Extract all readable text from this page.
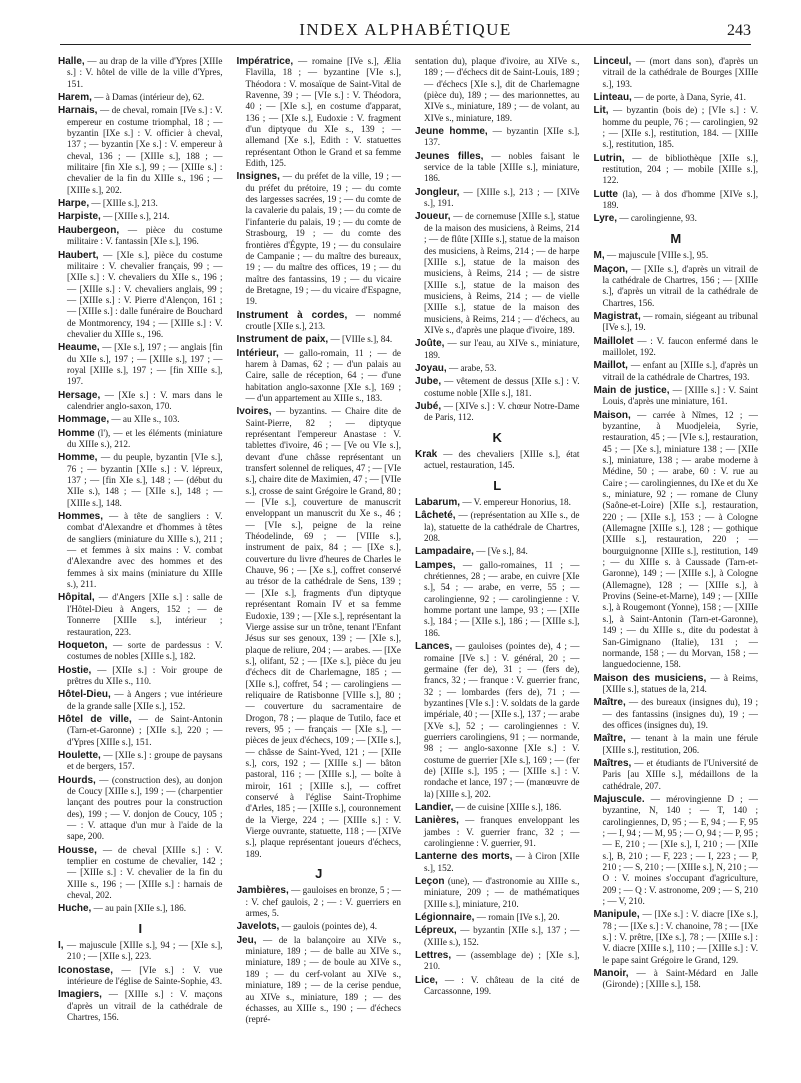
INDEX ALPHABÉTIQUE	243
Halle, — au drap de la ville d'Ypres [XIIIe s.] : V. hôtel de ville de la ville d'Ypres, 151.
Harem, — à Damas (intérieur de), 62.
Harnais, — de cheval, romain [IVe s.] : V. empereur en costume triomphal, 18 ; — byzantin [IXe s.] : V. officier à cheval, 137 ; — byzantin [Xe s.] : V. empereur à cheval, 136 ; — [XIIIe s.], 188 ; — militaire [fin XIe s.], 99 ; — [XIIIe s.] : chevalier de la fin du XIIIe s., 196 ; — [XIIIe s.], 202.
Harpe, — [XIIIe s.], 213.
Harpiste, — [XIIIe s.], 214.
Haubergeon, — pièce du costume militaire : V. fantassin [XIe s.], 196.
Haubert, — [XIe s.], pièce du costume militaire : V. chevalier français, 99 ; — [XIIe s.] : V. chevaliers du XIIe s., 196 ; — [XIIIe s.] : V. chevaliers anglais, 99 ; — [XIIIe s.] : V. Pierre d'Alençon, 161 ; — [XIIIe s.] : dalle funéraire de Bouchard de Montmorency, 194 ; — [XIIIe s.] : V. chevalier du XIIIe s., 196.
Heaume, — [XIe s.], 197 ; — anglais [fin du XIIe s.], 197 ; — [XIIIe s.], 197 ; — royal [XIIIe s.], 197 ; — [fin XIIIe s.], 197.
Hersage, — [XIe s.] : V. mars dans le calendrier anglo-saxon, 170.
Hommage, — au XIIe s., 103.
Homme (l'), — et les éléments (miniature du XIIIe s.), 212.
Homme, — du peuple, byzantin [VIe s.], 76 ; — byzantin [XIIe s.] : V. lépreux, 137 ; — [fin XIe s.], 148 ; — (début du XIIe s.), 148 ; — [XIIe s.], 148 ; — [XIIIe s.], 148.
Hommes, — à tête de sangliers : V. combat d'Alexandre et d'hommes à têtes de sangliers (miniature du XIIIe s.), 211 ; — et femmes à six mains : V. combat d'Alexandre avec des hommes et des femmes à six mains (miniature du XIIIe s.), 211.
Hôpital, — d'Angers [XIIe s.] : salle de l'Hôtel-Dieu à Angers, 152 ; — de Tonnerre [XIIIe s.], intérieur ; restauration, 223.
Hoqueton, — sorte de pardessus : V. costumes de nobles [XIIIe s.], 182.
Hostie, — [XIIe s.] : Voir groupe de prêtres du XIIe s., 110.
Hôtel-Dieu, — à Angers ; vue intérieure de la grande salle [XIIe s.], 152.
Hôtel de ville, — de Saint-Antonin (Tarn-et-Garonne) ; [XIIe s.], 220 ; — d'Ypres [XIIIe s.], 151.
Houlette, — [XIIe s.] : groupe de paysans et de bergers, 157.
Hourds, — (construction des), au donjon de Coucy [XIIIe s.], 199 ; — (charpentier lançant des poutres pour la construction des), 199 ; — V. donjon de Coucy, 105 ; — : V. attaque d'un mur à l'aide de la sape, 200.
Housse, — de cheval [XIIIe s.] : V. templier en costume de chevalier, 142 ; — [XIIIe s.] : V. chevalier de la fin du XIIIe s., 196 ; — [XIIIe s.] : harnais de cheval, 202.
Huche, — au pain [XIIe s.], 186.
I
I, — majuscule [XIIIe s.], 94 ; — [XIe s.], 210 ; — [XIIe s.], 223.
Iconostase, — [VIe s.] : V. vue intérieure de l'église de Sainte-Sophie, 43.
Imagiers, — [XIIIe s.] : V. maçons d'après un vitrail de la cathédrale de Chartres, 156.
Impératrice, — romaine [IVe s.], Ælia Flavilla, 18 ; — byzantine [VIe s.], Théodora : V. mosaïque de Saint-Vital de Ravenne, 39 ; — [VIe s.] : V. Théodora, 40 ; — [XIe s.], en costume d'apparat, 136 ; — [XIe s.], Eudoxie : V. fragment d'un diptyque du XIe s., 139 ; — allemand [Xe s.], Edith : V. statuettes représentant Othon le Grand et sa femme Edith, 125.
Insignes, — du préfet de la ville, 19 ; — du préfet du prétoire, 19 ; — du comte des largesses sacrées, 19 ; — du comte de la cavalerie du palais, 19 ; — du comte de l'infanterie du palais, 19 ; — du comte de Strasbourg, 19 ; — du comte des frontières d'Égypte, 19 ; — du consulaire de Campanie ; — du maître des bureaux, 19 ; — du maître des offices, 19 ; — du maître des fantassins, 19 ; — du vicaire de Bretagne, 19 ; — du vicaire d'Espagne, 19.
Instrument à cordes, — nommé croutle [XIIe s.], 213.
Instrument de paix, — [VIIIe s.], 84.
Intérieur, — gallo-romain, 11 ; — de harem à Damas, 62 ; — d'un palais au Caire, salle de réception, 64 ; — d'une habitation anglo-saxonne [XIe s.], 169 ; — d'un appartement au XIIIe s., 183.
Ivoires, — byzantins. — Chaire dite de Saint-Pierre, 82 ; — diptyque représentant l'empereur Anastase : V. tablettes d'ivoire, 46 ; — [Ve ou VIe s.], devant d'une châsse représentant un transfert solennel de reliques, 47 ; — [VIe s.], chaire dite de Maximien, 47 ; — [VIIe s.], crosse de saint Grégoire le Grand, 80 ; — [VIe s.], couverture de manuscrit enveloppant un manuscrit du Xe s., 46 ; — [VIe s.], peigne de la reine Théodelinde, 69 ; — [VIIIe s.], instrument de paix, 84 ; — [IXe s.], couverture du livre d'heures de Charles le Chauve, 96 ; — [Xe s.], coffret conservé au trésor de la cathédrale de Sens, 139 ; — [XIe s.], fragments d'un diptyque représentant Romain IV et sa femme Eudoxie, 139 ; — [XIe s.], représentant la Vierge assise sur un trône, tenant l'Enfant Jésus sur ses genoux, 139 ; — [XIe s.], plaque de reliure, 204 ; — arabes. — [IXe s.], olifant, 52 ; — [IXe s.], pièce du jeu d'échecs dit de Charlemagne, 185 ; — [XIIe s.], coffret, 54 ; — carolingiens — reliquaire de Ratisbonne [VIIIe s.], 80 ; — couverture du sacramentaire de Drogon, 78 ; — plaque de Tutilo, face et revers, 95 ; — français — [XIe s.], — pièces de jeux d'échecs, 109 ; — [XIIe s.], — châsse de Saint-Yved, 121 ; — [XIIe s.], cors, 192 ; — [XIIIe s.] — bâton pastoral, 116 ; — [XIIIe s.], — boîte à miroir, 161 ; [XIIIe s.], — coffret conservé à l'église Saint-Trophime d'Arles, 185 ; — [XIIIe s.], couronnement de la Vierge, 224 ; — [XIIIe s.] : V. Vierge ouvrante, statuette, 118 ; — [XIVe s.], plaque représentant joueurs d'échecs, 189.
J
Jambières, — gauloises en bronze, 5 ; — : V. chef gaulois, 2 ; — : V. guerriers en armes, 5.
Javelots, — gaulois (pointes de), 4.
Jeu, — de la balançoire au XIVe s., miniature, 189 ; — de balle au XIVe s., miniature, 189 ; — de boule au XIVe s., 189 ; — du cerf-volant au XIVe s., miniature, 189 ; — de la cerise pendue, au XIVe s., miniature, 189 ; — des échasses, au XIIIe s., 190 ; — d'échecs (repré-
sentation du), plaque d'ivoire, au XIVe s., 189 ; — d'échecs dit de Saint-Louis, 189 ; — d'échecs [XIe s.], dit de Charlemagne (pièce du), 189 ; — des marionnettes, au XIVe s., miniature, 189 ; — de volant, au XIVe s., miniature, 189.
Jeune homme, — byzantin [XIIe s.], 137.
Jeunes filles, — nobles faisant le service de la table [XIIIe s.], miniature, 186.
Jongleur, — [XIIIe s.], 213 ; — [XIVe s.], 191.
Joueur, — de cornemuse [XIIIe s.], statue de la maison des musiciens, à Reims, 214 ; — de flûte [XIIIe s.], statue de la maison des musiciens, à Reims, 214 ; — de harpe [XIIIe s.], statue de la maison des musiciens, à Reims, 214 ; — de sistre [XIIIe s.], statue de la maison des musiciens, à Reims, 214 ; — de vielle [XIIIe s.], statue de la maison des musiciens, à Reims, 214 ; — d'échecs, au XIVe s., d'après une plaque d'ivoire, 189.
Joûte, — sur l'eau, au XIVe s., miniature, 189.
Joyau, — arabe, 53.
Jube, — vêtement de dessus [XIIe s.] : V. costume noble [XIIe s.], 181.
Jubé, — [XIVe s.] : V. chœur Notre-Dame de Paris, 112.
K
Krak — des chevaliers [XIIIe s.], état actuel, restauration, 145.
L
Labarum, — V. empereur Honorius, 18.
Lâcheté, — (représentation au XIIe s., de la), statuette de la cathédrale de Chartres, 208.
Lampadaire, — [Ve s.], 84.
Lampes, — gallo-romaines, 11 ; — chrétiennes, 28 ; — arabe, en cuivre [XIe s.], 54 ; — arabe, en verre, 55 ; — carolingienne, 92 ; — carolingienne : V. homme portant une lampe, 93 ; — [XIIe s.], 184 ; — [XIIe s.], 186 ; — [XIIIe s.], 186.
Lances, — gauloises (pointes de), 4 ; — romaine [IVe s.] : V. général, 20 ; — germaine (fer de), 31 ; — (fers de), francs, 32 ; — franque : V. guerrier franc, 32 ; — lombardes (fers de), 71 ; — byzantines [VIe s.] : V. soldats de la garde impériale, 40 ; — [XIIe s.], 137 ; — arabe [XVe s.], 52 ; — carolingiennes : V. guerriers carolingiens, 91 ; — normande, 98 ; — anglo-saxonne [XIe s.] : V. costume de guerrier [XIe s.], 169 ; — (fer de) [XIIIe s.], 195 ; — [XIIIe s.] : V. rondache et lance, 197 ; — (manœuvre de la) [XIIIe s.], 202.
Landier, — de cuisine [XIIIe s.], 186.
Lanières, — franques enveloppant les jambes : V. guerrier franc, 32 ; — carolingienne : V. guerrier, 91.
Lanterne des morts, — à Ciron [XIIe s.], 152.
Leçon (une), — d'astronomie au XIIIe s., miniature, 209 ; — de mathématiques [XIIIe s.], miniature, 210.
Légionnaire, — romain [IVe s.], 20.
Lépreux, — byzantin [XIIe s.], 137 ; — (XIIIe s.), 152.
Lettres, — (assemblage de) ; [XIe s.], 210.
Lice, — : V. château de la cité de Carcassonne, 199.
Linceul, — (mort dans son), d'après un vitrail de la cathédrale de Bourges [XIIIe s.], 193.
Linteau, — de porte, à Dana, Syrie, 41.
Lit, — byzantin (bois de) ; [VIe s.] : V. homme du peuple, 76 ; — carolingien, 92 ; — [XIIe s.], restitution, 184. — [XIIIe s.], restitution, 185.
Lutrin, — de bibliothèque [XIIe s.], restitution, 204 ; — mobile [XIIIe s.], 122.
Lutte (la), — à dos d'homme [XIVe s.], 189.
Lyre, — carolingienne, 93.
M
M, — majuscule [VIIIe s.], 95.
Maçon, — [XIIe s.], d'après un vitrail de la cathédrale de Chartres, 156 ; — [XIIIe s.], d'après un vitrail de la cathédrale de Chartres, 156.
Magistrat, — romain, siégeant au tribunal [IVe s.], 19.
Maillolet — : V. faucon enfermé dans le maillolet, 192.
Maillot, — enfant au [XIIIe s.], d'après un vitrail de la cathédrale de Chartres, 193.
Main de justice, — [XIIIe s.] : V. Saint Louis, d'après une miniature, 161.
Maison, — carrée à Nîmes, 12 ; — byzantine, à Muodjeleia, Syrie, restauration, 45 ; — [VIe s.], restauration, 45 ; — [Xe s.], miniature 138 ; — [XIIe s.], miniature, 138 ; — arabe moderne à Médine, 50 ; — arabe, 60 : V. rue au Caire ; — carolingiennes, du IXe et du Xe s., miniature, 92 ; — romane de Cluny (Saône-et-Loire) [XIIe s.], restauration, 220 ; — [XIIe s.], 153 ; — à Cologne (Allemagne [XIIIe s.], 128 ; — gothique [XIIIe s.], restauration, 220 ; — bourguignonne [XIIIe s.], restitution, 149 ; — du XIIIe s. à Caussade (Tarn-et-Garonne), 149 ; — [XIIIe s.], à Cologne (Allemagne), 128 ; — [XIIIe s.], à Provins (Seine-et-Marne), 149 ; — [XIIIe s.], à Rougemont (Yonne), 158 ; — [XIIIe s.], à Saint-Antonin (Tarn-et-Garonne), 149 ; — du XIIIe s., dite du podestat à San-Gimignano (Italie), 131 ; — normande, 158 ; — du Morvan, 158 ; — languedocienne, 158.
Maison des musiciens, — à Reims, [XIIIe s.], statues de la, 214.
Maître, — des bureaux (insignes du), 19 ; — des fantassins (insignes du), 19 ; — des offices (insignes du), 19.
Maître, — tenant à la main une férule [XIIIe s.], restitution, 206.
Maîtres, — et étudiants de l'Université de Paris [au XIIIe s.], médaillons de la cathédrale, 207.
Majuscule. — mérovingienne D ; — byzantine, N, 140 ; — T, 140 ; carolingiennes, D, 95 ; — E, 94 ; — F, 95 ; — I, 94 ; — M, 95 ; — O, 94 ; — P, 95 ; — E, 210 ; — [XIe s.], I, 210 ; — [XIIe s.], B, 210 ; — F, 223 ; — I, 223 ; — P, 210 ; — S, 210 ; — [XIIIe s.], N, 210 ; — O : V. moines s'occupant d'agriculture, 209 ; — Q : V. astronome, 209 ; — S, 210 ; — V, 210.
Manipule, — [IXe s.] : V. diacre [IXe s.], 78 ; — [IXe s.] : V. chanoine, 78 ; — [IXe s.] : V. prêtre, [IXe s.], 78 ; — [XIIIe s.] : V. diacre [XIIIe s.], 110 ; — [XIIIe s.] : V. le pape saint Grégoire le Grand, 129.
Manoir, — à Saint-Médard en Jalle (Gironde) ; [XIIIe s.], 158.
